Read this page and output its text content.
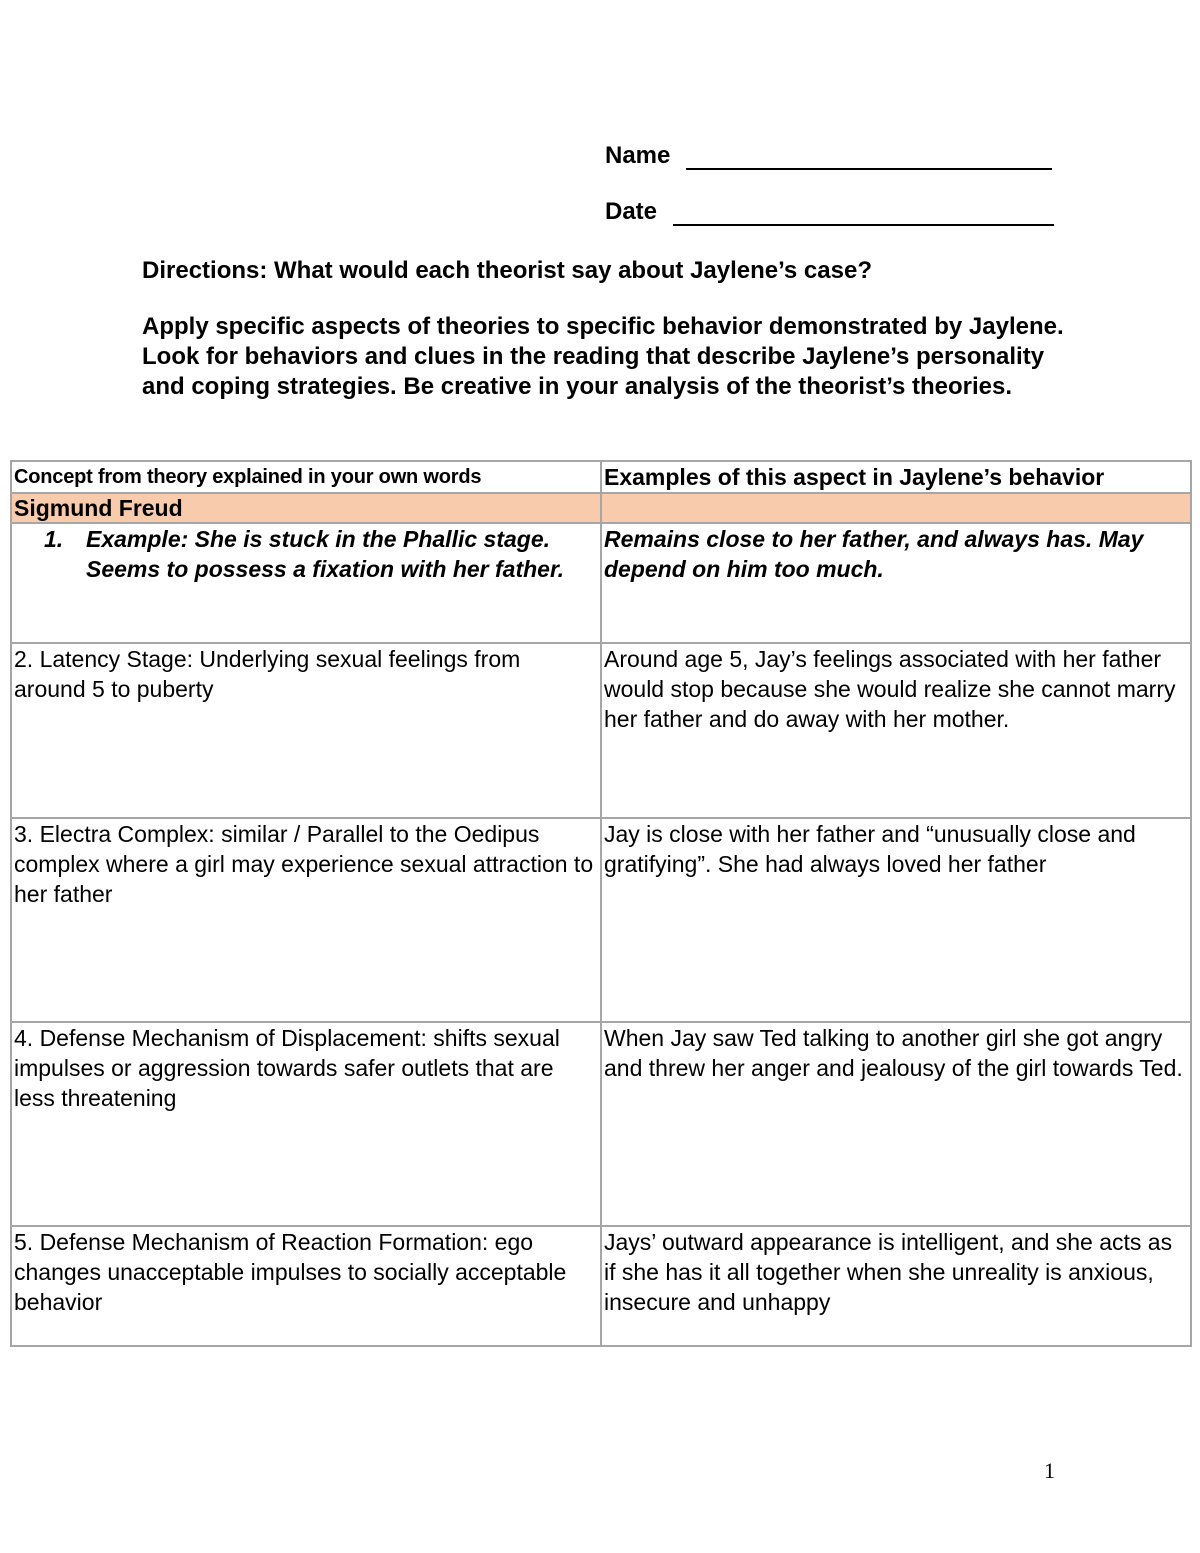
Name
Date
Directions: What would each theorist say about Jaylene’s case?
Apply specific aspects of theories to specific behavior demonstrated by Jaylene. Look for behaviors and clues in the reading that describe Jaylene’s personality and coping strategies. Be creative in your analysis of the theorist’s theories.
Concept from theory explained in your own words	Examples of this aspect in Jaylene’s behavior
Sigmund Freud	

1. Example: She is stuck in the Phallic stage. Seems to possess a fixation with her father.	Remains close to her father, and always has. May depend on him too much.
2. Latency Stage: Underlying sexual feelings from around 5 to puberty	Around age 5, Jay’s feelings associated with her father would stop because she would realize she cannot marry her father and do away with her mother.
3. Electra Complex: similar / Parallel to the Oedipus complex where a girl may experience sexual attraction to her father	Jay is close with her father and “unusually close and gratifying”. She had always loved her father
4. Defense Mechanism of Displacement: shifts sexual impulses or aggression towards safer outlets that are less threatening	When Jay saw Ted talking to another girl she got angry and threw her anger and jealousy of the girl towards Ted.
5. Defense Mechanism of Reaction Formation: ego changes unacceptable impulses to socially acceptable behavior	Jays’ outward appearance is intelligent, and she acts as if she has it all together when she unreality is anxious, insecure and unhappy
1
